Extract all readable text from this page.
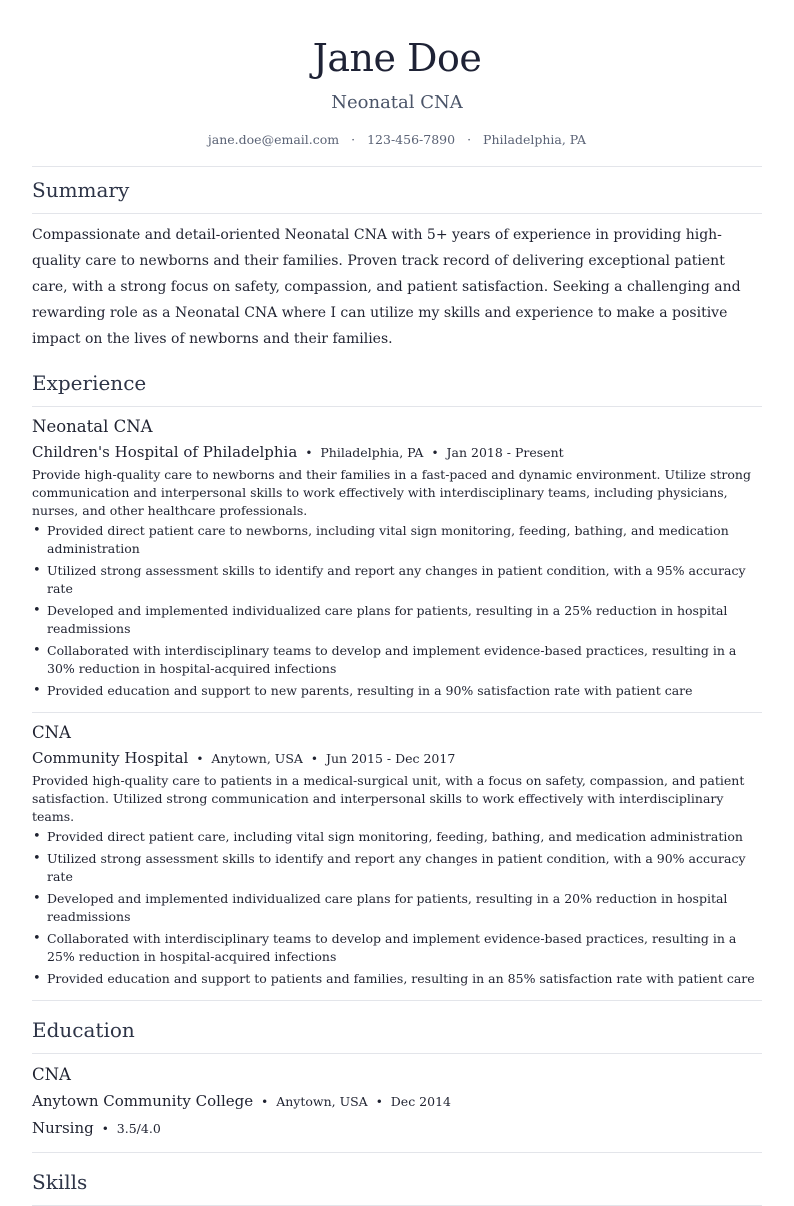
Jane Doe
Neonatal CNA
jane.doe@email.com · 123-456-7890 · Philadelphia, PA
Summary

Compassionate and detail-oriented Neonatal CNA with 5+ years of experience in providing high-quality care to newborns and their families. Proven track record of delivering exceptional patient care, with a strong focus on safety, compassion, and patient satisfaction. Seeking a challenging and rewarding role as a Neonatal CNA where I can utilize my skills and experience to make a positive impact on the lives of newborns and their families.

Experience
Neonatal CNA
Children's Hospital of Philadelphia • Philadelphia, PA • Jan 2018 - Present
Provide high-quality care to newborns and their families in a fast-paced and dynamic environment. Utilize strong communication and interpersonal skills to work effectively with interdisciplinary teams, including physicians, nurses, and other healthcare professionals.
• Provided direct patient care to newborns, including vital sign monitoring, feeding, bathing, and medication administration
• Utilized strong assessment skills to identify and report any changes in patient condition, with a 95% accuracy rate
• Developed and implemented individualized care plans for patients, resulting in a 25% reduction in hospital readmissions
• Collaborated with interdisciplinary teams to develop and implement evidence-based practices, resulting in a 30% reduction in hospital-acquired infections
• Provided education and support to new parents, resulting in a 90% satisfaction rate with patient care
CNA
Community Hospital • Anytown, USA • Jun 2015 - Dec 2017
Provided high-quality care to patients in a medical-surgical unit, with a focus on safety, compassion, and patient satisfaction. Utilized strong communication and interpersonal skills to work effectively with interdisciplinary teams.
• Provided direct patient care, including vital sign monitoring, feeding, bathing, and medication administration
• Utilized strong assessment skills to identify and report any changes in patient condition, with a 90% accuracy rate
• Developed and implemented individualized care plans for patients, resulting in a 20% reduction in hospital readmissions
• Collaborated with interdisciplinary teams to develop and implement evidence-based practices, resulting in a 25% reduction in hospital-acquired infections
• Provided education and support to patients and families, resulting in an 85% satisfaction rate with patient care
Education
CNA
Anytown Community College • Anytown, USA • Dec 2014
Nursing • 3.5/4.0
Skills
